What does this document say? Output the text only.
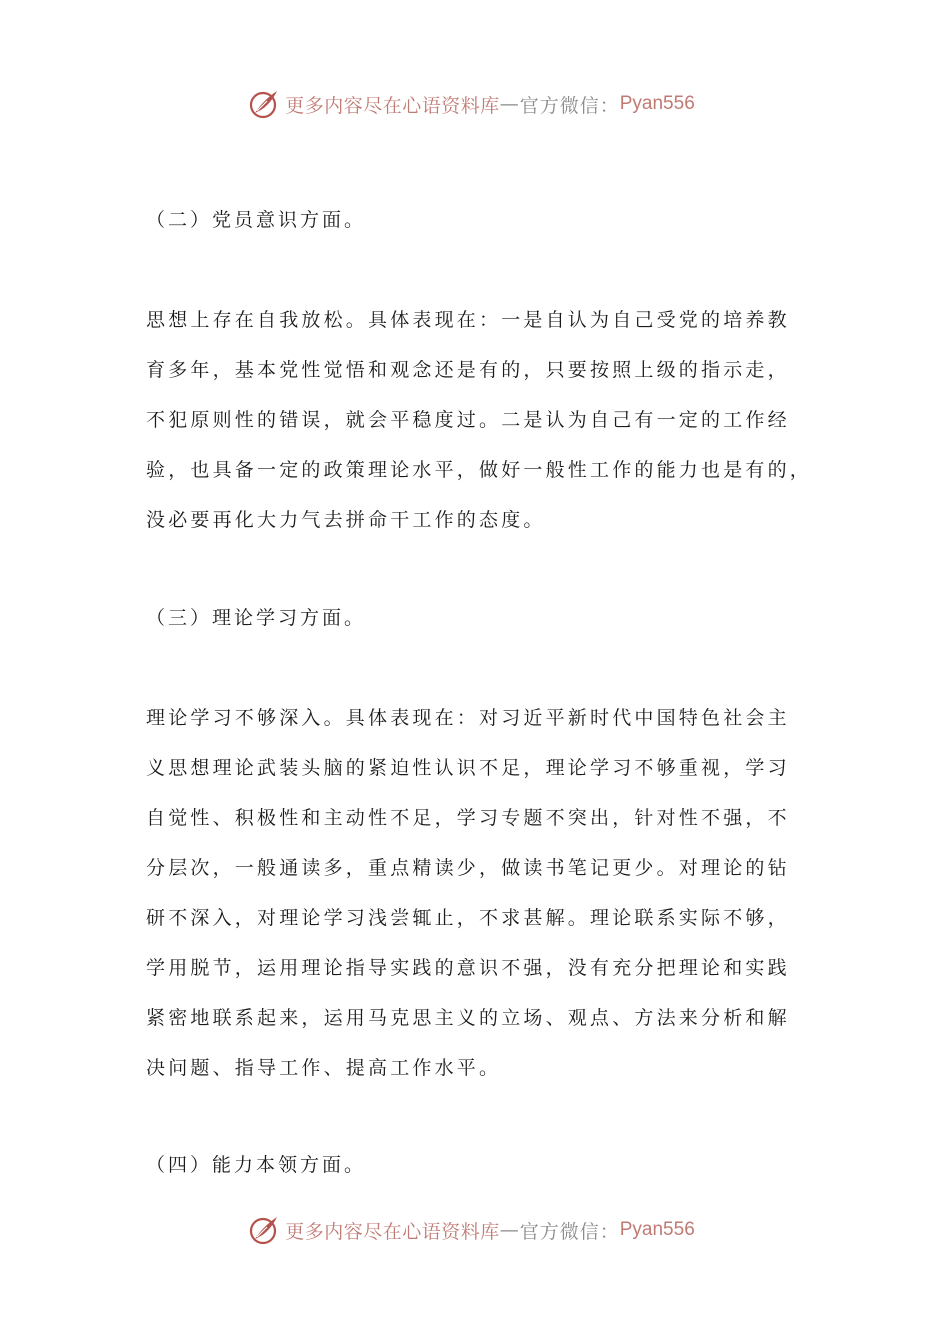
更多内容尽在心语资料库 — 官方微信： Pyan556
（二）党员意识方面。
思想上存在自我放松。具体表现在：一是自认为自己受党的培养教
育多年，基本党性觉悟和观念还是有的，只要按照上级的指示走，
不犯原则性的错误，就会平稳度过。二是认为自己有一定的工作经
验，也具备一定的政策理论水平，做好一般性工作的能力也是有的，
没必要再化大力气去拼命干工作的态度。
（三）理论学习方面。
理论学习不够深入。具体表现在：对习近平新时代中国特色社会主
义思想理论武装头脑的紧迫性认识不足，理论学习不够重视，学习
自觉性、积极性和主动性不足，学习专题不突出，针对性不强，不
分层次，一般通读多，重点精读少，做读书笔记更少。对理论的钻
研不深入，对理论学习浅尝辄止，不求甚解。理论联系实际不够，
学用脱节，运用理论指导实践的意识不强，没有充分把理论和实践
紧密地联系起来，运用马克思主义的立场、观点、方法来分析和解
决问题、指导工作、提高工作水平。
（四）能力本领方面。
更多内容尽在心语资料库 — 官方微信： Pyan556
